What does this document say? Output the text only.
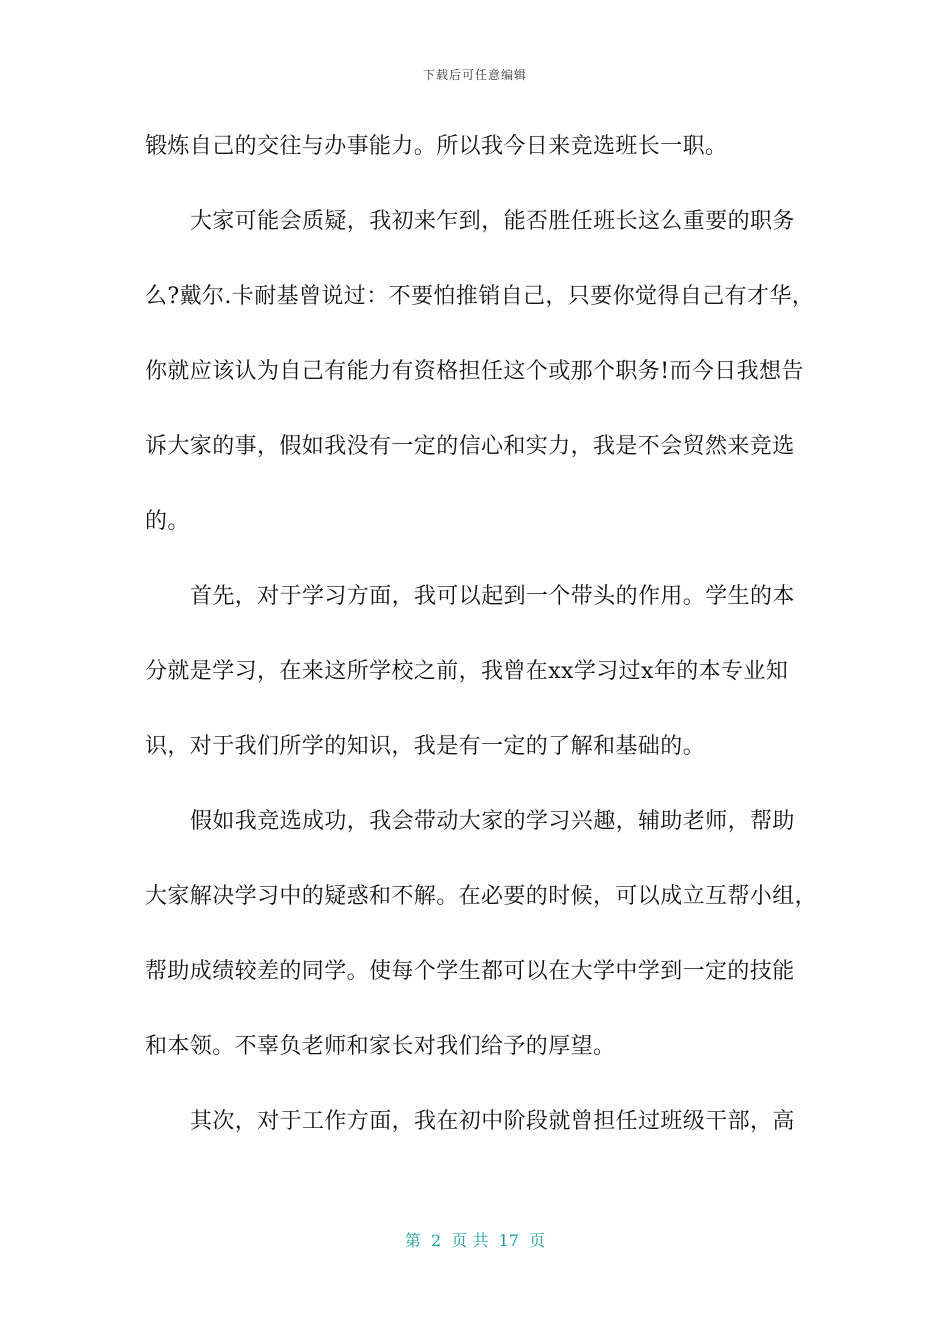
下载后可任意编辑
锻炼自己的交往与办事能力。所以我今日来竞选班长一职。
大家可能会质疑，我初来乍到，能否胜任班长这么重要的职务
么?戴尔.卡耐基曾说过：不要怕推销自己，只要你觉得自己有才华，
你就应该认为自己有能力有资格担任这个或那个职务!而今日我想告
诉大家的事，假如我没有一定的信心和实力，我是不会贸然来竞选
的。
首先，对于学习方面，我可以起到一个带头的作用。学生的本
分就是学习，在来这所学校之前，我曾在xx学习过x年的本专业知
识，对于我们所学的知识，我是有一定的了解和基础的。
假如我竞选成功，我会带动大家的学习兴趣，辅助老师，帮助
大家解决学习中的疑惑和不解。在必要的时候，可以成立互帮小组，
帮助成绩较差的同学。使每个学生都可以在大学中学到一定的技能
和本领。不辜负老师和家长对我们给予的厚望。
其次，对于工作方面，我在初中阶段就曾担任过班级干部，高
第  2  页 共  17  页
